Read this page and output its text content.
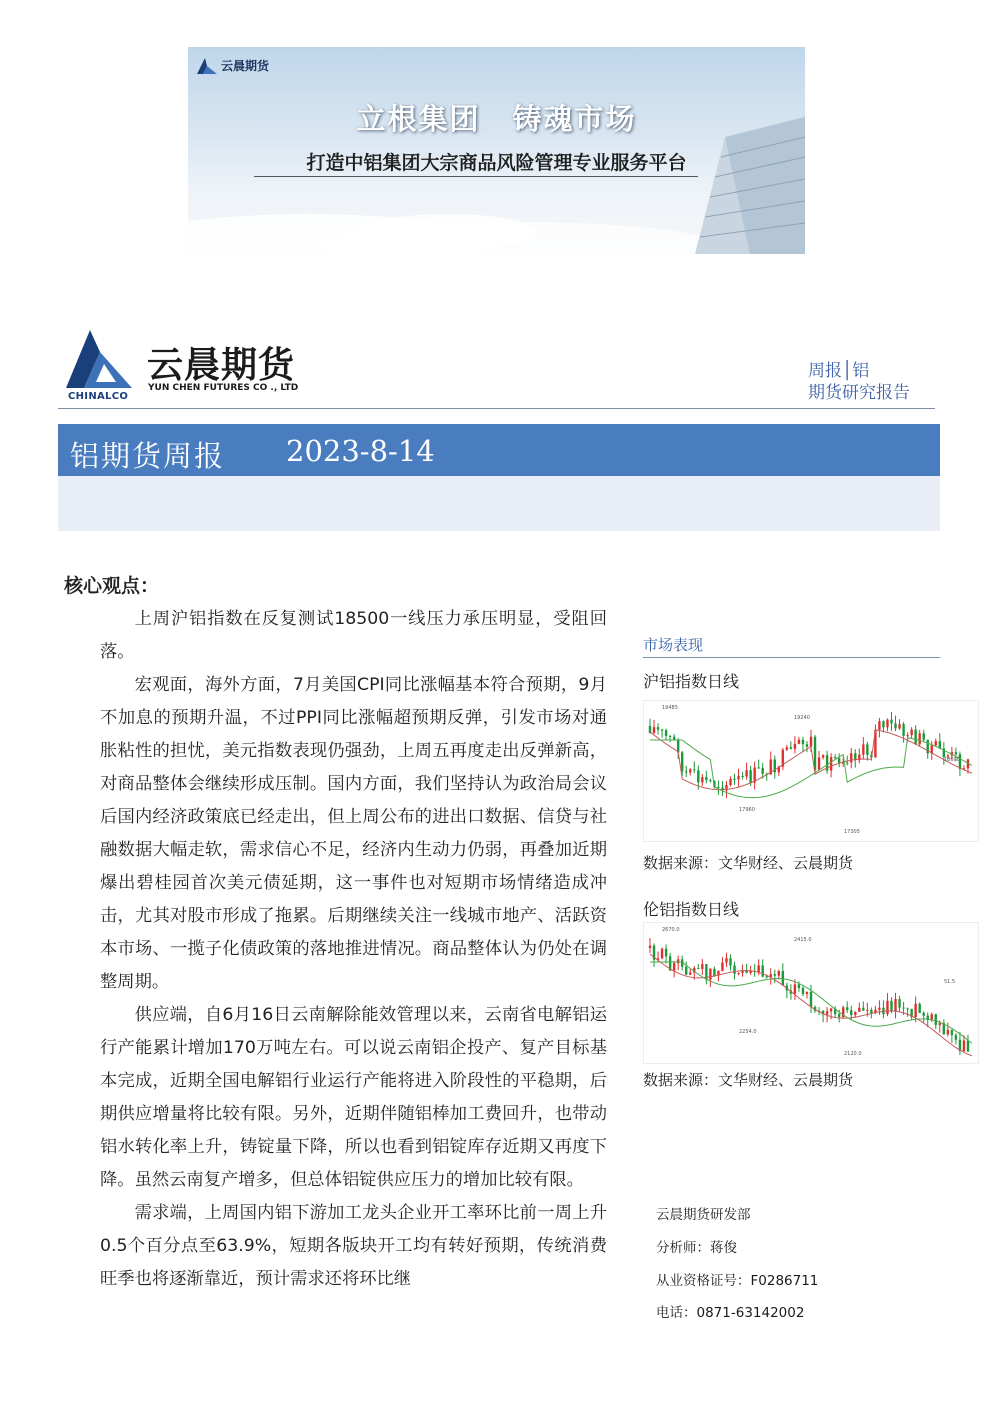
云晨期货
立根集团 铸魂市场
打造中铝集团大宗商品风险管理专业服务平台
CHINALCO
云晨期货
YUN CHEN FUTURES CO ., LTD
周报│铝
期货研究报告
铝期货周报 2023-8-14
核心观点：

上周沪铝指数在反复测试18500一线压力承压明显，受阻回落。

宏观面，海外方面，7月美国CPI同比涨幅基本符合预期，9月不加息的预期升温，不过PPI同比涨幅超预期反弹，引发市场对通胀粘性的担忧，美元指数表现仍强劲，上周五再度走出反弹新高，对商品整体会继续形成压制。国内方面，我们坚持认为政治局会议后国内经济政策底已经走出，但上周公布的进出口数据、信贷与社融数据大幅走软，需求信心不足，经济内生动力仍弱，再叠加近期爆出碧桂园首次美元债延期，这一事件也对短期市场情绪造成冲击，尤其对股市形成了拖累。后期继续关注一线城市地产、活跃资本市场、一揽子化债政策的落地推进情况。商品整体认为仍处在调整周期。

供应端，自6月16日云南解除能效管理以来，云南省电解铝运行产能累计增加170万吨左右。可以说云南铝企投产、复产目标基本完成，近期全国电解铝行业运行产能将进入阶段性的平稳期，后期供应增量将比较有限。另外，近期伴随铝棒加工费回升，也带动铝水转化率上升，铸锭量下降，所以也看到铝锭库存近期又再度下降。虽然云南复产增多，但总体铝锭供应压力的增加比较有限。

需求端，上周国内铝下游加工龙头企业开工率环比前一周上升0.5个百分点至63.9%，短期各版块开工均有转好预期，传统消费旺季也将逐渐靠近，预计需求还将环比继

市场表现
沪铝指数日线
19485
19240
17960
17305
18600
数据来源：文华财经、云晨期货
伦铝指数日线
2670.0
2415.0
2254.0
2120.0
51.5
数据来源：文华财经、云晨期货
云晨期货研发部
分析师：蒋俊
从业资格证号：F0286711
电话：0871-63142002
